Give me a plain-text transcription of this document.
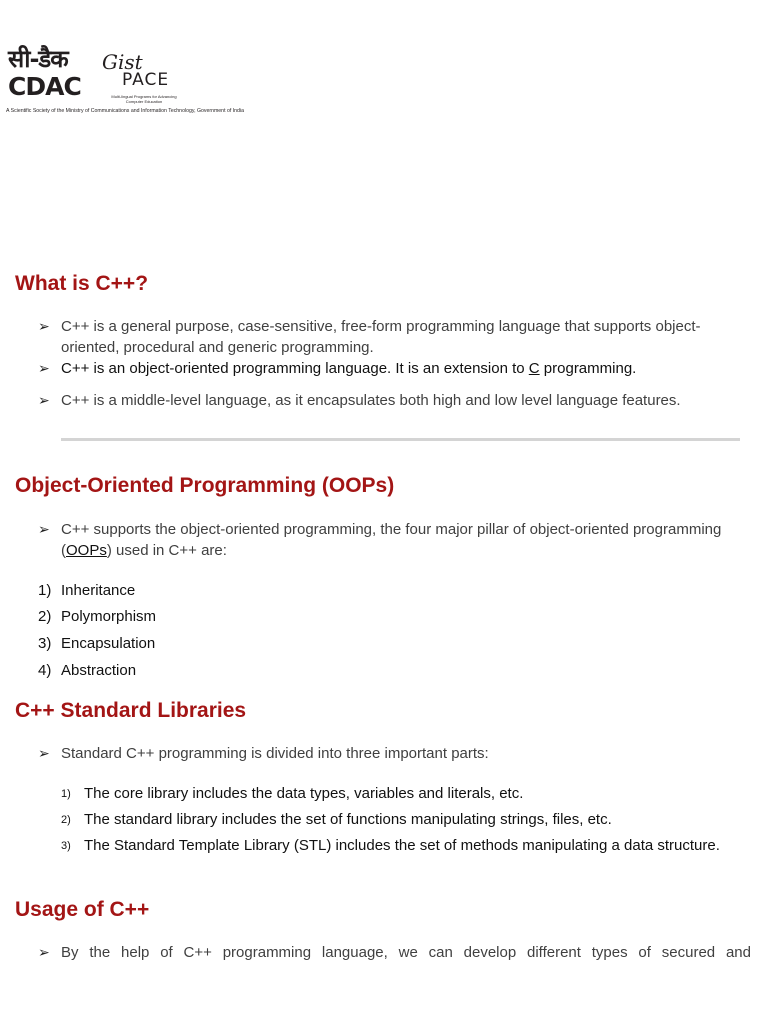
सी-डैक
CDAC
Gist
PACE
Multi-lingual Programs for Advancing Computer Education
A Scientific Society of the Ministry of Communications and Information Technology, Government of India
What is C++?
➢ C++ is a general purpose, case-sensitive, free-form programming language that supports object-oriented, procedural and generic programming.
➢ C++ is an object-oriented programming language. It is an extension to C programming.
➢ C++ is a middle-level language, as it encapsulates both high and low level language features.
Object-Oriented Programming (OOPs)
➢ C++ supports the object-oriented programming, the four major pillar of object-oriented programming (OOPs) used in C++ are:
1) Inheritance
2) Polymorphism
3) Encapsulation
4) Abstraction
C++ Standard Libraries
➢ Standard C++ programming is divided into three important parts:
1) The core library includes the data types, variables and literals, etc.
2) The standard library includes the set of functions manipulating strings, files, etc.
3) The Standard Template Library (STL) includes the set of methods manipulating a data structure.
Usage of C++
➢ By the help of C++ programming language, we can develop different types of secured and
